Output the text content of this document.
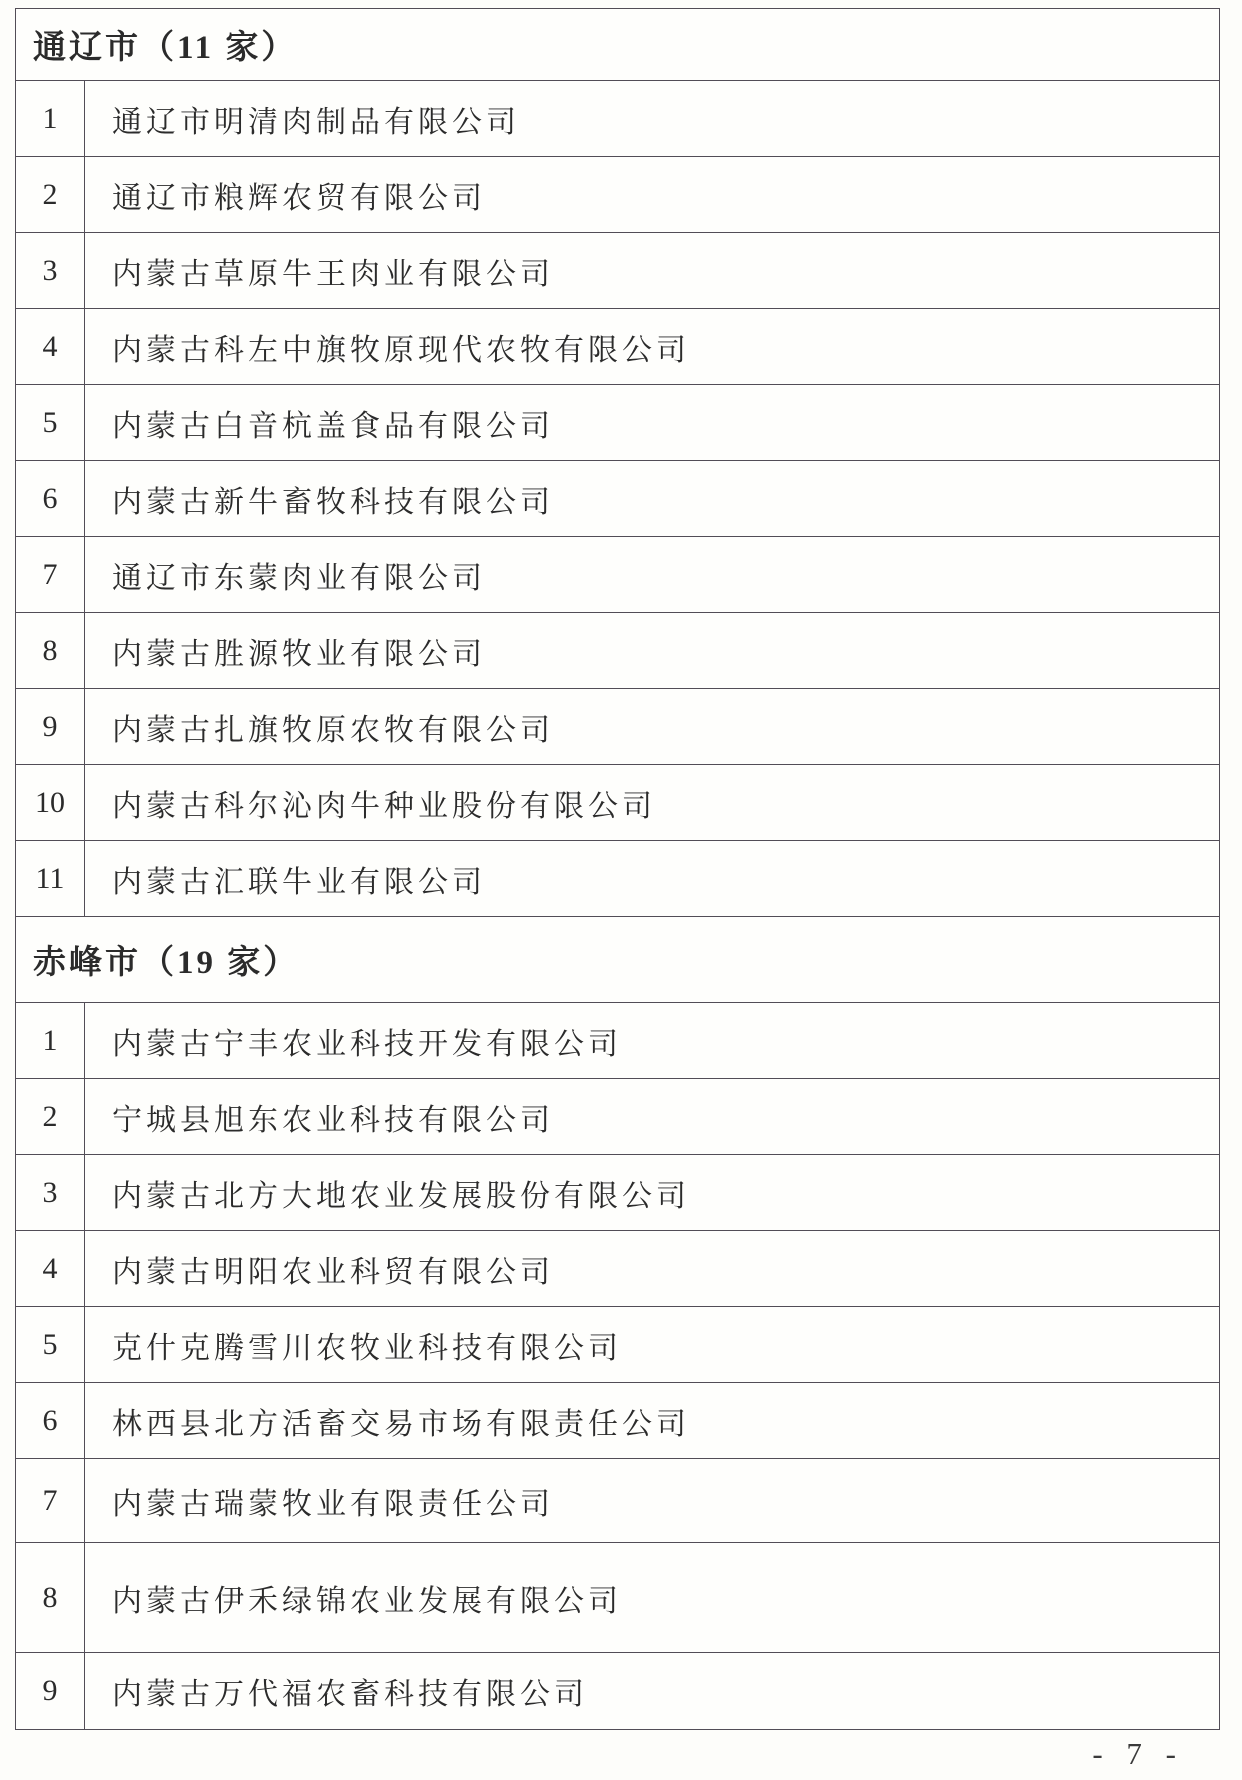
通辽市（11 家）
1	通辽市明清肉制品有限公司
2	通辽市粮辉农贸有限公司
3	内蒙古草原牛王肉业有限公司
4	内蒙古科左中旗牧原现代农牧有限公司
5	内蒙古白音杭盖食品有限公司
6	内蒙古新牛畜牧科技有限公司
7	通辽市东蒙肉业有限公司
8	内蒙古胜源牧业有限公司
9	内蒙古扎旗牧原农牧有限公司
10	内蒙古科尔沁肉牛种业股份有限公司
11	内蒙古汇联牛业有限公司
赤峰市（19 家）
1	内蒙古宁丰农业科技开发有限公司
2	宁城县旭东农业科技有限公司
3	内蒙古北方大地农业发展股份有限公司
4	内蒙古明阳农业科贸有限公司
5	克什克腾雪川农牧业科技有限公司
6	林西县北方活畜交易市场有限责任公司
7	内蒙古瑞蒙牧业有限责任公司
8	内蒙古伊禾绿锦农业发展有限公司
9	内蒙古万代福农畜科技有限公司
- 7 -
